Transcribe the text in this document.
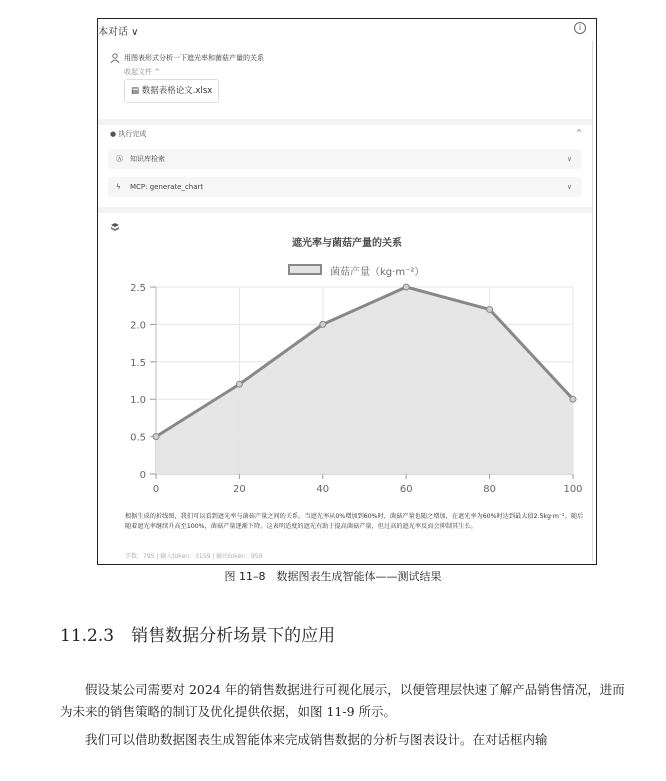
本对话 ∨	i
用图表形式分析一下遮光率和菌菇产量的关系
收起文件 ^
▤ 数据表格论文.xlsx
● 执行完成	^
Ⓐ 知识库检索	∨
ϟ MCP: generate_chart	∨
遮光率与菌菇产量的关系
菌菇产量（kg·m⁻²）
0
0.5
1.0
1.5
2.0
2.5
0	20	40	60	80	100
根据生成的折线图，我们可以看到遮光率与菌菇产量之间的关系。当遮光率从0%增加到60%时，菌菇产量也随之增加，在遮光率为60%时达到最大值2.5kg·m⁻²。随后随着遮光率继续升高至100%，菌菇产量逐渐下降。这表明适度的遮光有助于提高菌菇产量，但过高的遮光率反而会抑制其生长。
字数：795 | 输入token：3159 | 输出token：959
图 11–8　数据图表生成智能体——测试结果
11.2.3　销售数据分析场景下的应用
假设某公司需要对 2024 年的销售数据进行可视化展示，以便管理层快速了解产品销售情况，进而为未来的销售策略的制订及优化提供依据，如图 11-9 所示。
我们可以借助数据图表生成智能体来完成销售数据的分析与图表设计。在对话框内输
